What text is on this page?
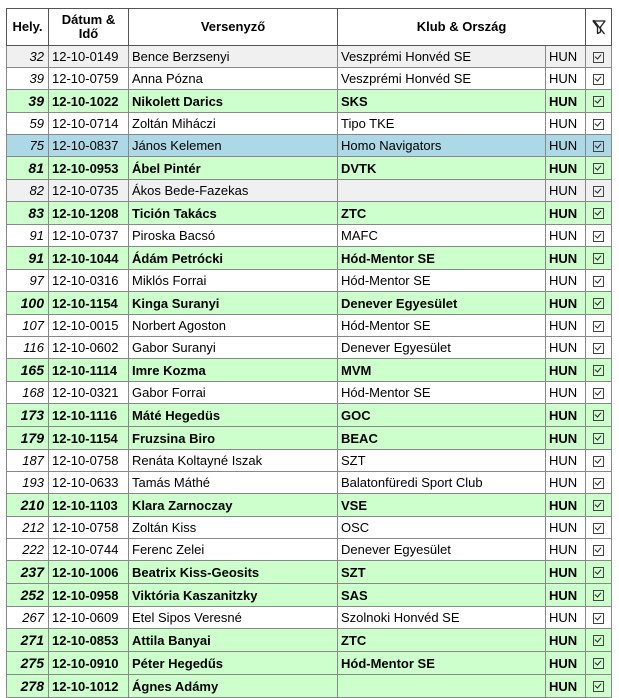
Hely.	Dátum & Idő	Versenyző	Klub & Ország	
32	12-10-0149	Bence Berzsenyi	Veszprémi Honvéd SE	HUN	
39	12-10-0759	Anna Pózna	Veszprémi Honvéd SE	HUN	
39	12-10-1022	Nikolett Darics	SKS	HUN	
59	12-10-0714	Zoltán Miháczi	Tipo TKE	HUN	
75	12-10-0837	János Kelemen	Homo Navigators	HUN	
81	12-10-0953	Ábel Pintér	DVTK	HUN	
82	12-10-0735	Ákos Bede-Fazekas		HUN	
83	12-10-1208	Tición Takács	ZTC	HUN	
91	12-10-0737	Piroska Bacsó	MAFC	HUN	
91	12-10-1044	Ádám Petrócki	Hód-Mentor SE	HUN	
97	12-10-0316	Miklós Forrai	Hód-Mentor SE	HUN	
100	12-10-1154	Kinga Suranyi	Denever Egyesület	HUN	
107	12-10-0015	Norbert Agoston	Hód-Mentor SE	HUN	
116	12-10-0602	Gabor Suranyi	Denever Egyesület	HUN	
165	12-10-1114	Imre Kozma	MVM	HUN	
168	12-10-0321	Gabor Forrai	Hód-Mentor SE	HUN	
173	12-10-1116	Máté Hegedüs	GOC	HUN	
179	12-10-1154	Fruzsina Biro	BEAC	HUN	
187	12-10-0758	Renáta Koltayné Iszak	SZT	HUN	
193	12-10-0633	Tamás Máthé	Balatonfüredi Sport Club	HUN	
210	12-10-1103	Klara Zarnoczay	VSE	HUN	
212	12-10-0758	Zoltán Kiss	OSC	HUN	
222	12-10-0744	Ferenc Zelei	Denever Egyesület	HUN	
237	12-10-1006	Beatrix Kiss-Geosits	SZT	HUN	
252	12-10-0958	Viktória Kaszanitzky	SAS	HUN	
267	12-10-0609	Etel Sipos Veresné	Szolnoki Honvéd SE	HUN	
271	12-10-0853	Attila Banyai	ZTC	HUN	
275	12-10-0910	Péter Hegedűs	Hód-Mentor SE	HUN	
278	12-10-1012	Ágnes Adámy		HUN	
